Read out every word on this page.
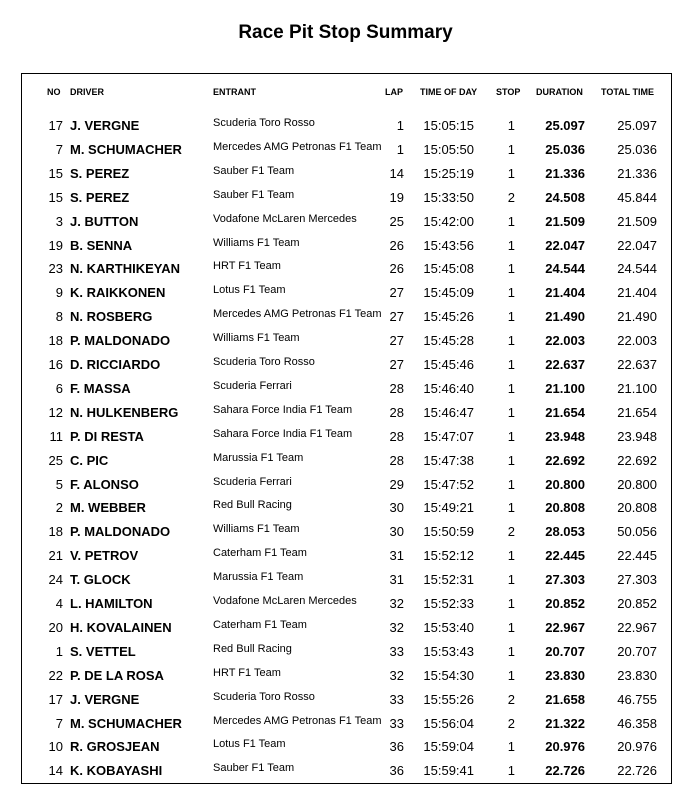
Race Pit Stop Summary
NO DRIVER	ENTRANT	LAP TIME OF DAY STOP DURATION TOTAL TIME
17 J. VERGNE	Scuderia Toro Rosso	1 15:05:15	1 25.097 25.097
7 M. SCHUMACHER	Mercedes AMG Petronas F1 Team 1 15:05:50	1 25.036 25.036
15 S. PEREZ	Sauber F1 Team	14 15:25:19	1 21.336 21.336
15 S. PEREZ	Sauber F1 Team	19 15:33:50	2 24.508 45.844
3 J. BUTTON	Vodafone McLaren Mercedes	25 15:42:00	1 21.509 21.509
19 B. SENNA	Williams F1 Team	26 15:43:56	1 22.047 22.047
23 N. KARTHIKEYAN	HRT F1 Team	26 15:45:08	1 24.544 24.544
9 K. RAIKKONEN	Lotus F1 Team	27 15:45:09	1 21.404 21.404
8 N. ROSBERG	Mercedes AMG Petronas F1 Team 27 15:45:26	1 21.490 21.490
18 P. MALDONADO	Williams F1 Team	27 15:45:28	1 22.003 22.003
16 D. RICCIARDO	Scuderia Toro Rosso	27 15:45:46	1 22.637 22.637
6 F. MASSA	Scuderia Ferrari	28 15:46:40	1 21.100 21.100
12 N. HULKENBERG	Sahara Force India F1 Team	28 15:46:47	1 21.654 21.654
11 P. DI RESTA	Sahara Force India F1 Team	28 15:47:07	1 23.948 23.948
25 C. PIC	Marussia F1 Team	28 15:47:38	1 22.692 22.692
5 F. ALONSO	Scuderia Ferrari	29 15:47:52	1 20.800 20.800
2 M. WEBBER	Red Bull Racing	30 15:49:21	1 20.808 20.808
18 P. MALDONADO	Williams F1 Team	30 15:50:59	2 28.053 50.056
21 V. PETROV	Caterham F1 Team	31 15:52:12	1 22.445 22.445
24 T. GLOCK	Marussia F1 Team	31 15:52:31	1 27.303 27.303
4 L. HAMILTON	Vodafone McLaren Mercedes	32 15:52:33	1 20.852 20.852
20 H. KOVALAINEN	Caterham F1 Team	32 15:53:40	1 22.967 22.967
1 S. VETTEL	Red Bull Racing	33 15:53:43	1 20.707 20.707
22 P. DE LA ROSA	HRT F1 Team	32 15:54:30	1 23.830 23.830
17 J. VERGNE	Scuderia Toro Rosso	33 15:55:26	2 21.658 46.755
7 M. SCHUMACHER	Mercedes AMG Petronas F1 Team 33 15:56:04	2 21.322 46.358
10 R. GROSJEAN	Lotus F1 Team	36 15:59:04	1 20.976 20.976
14 K. KOBAYASHI	Sauber F1 Team	36 15:59:41	1 22.726 22.726
